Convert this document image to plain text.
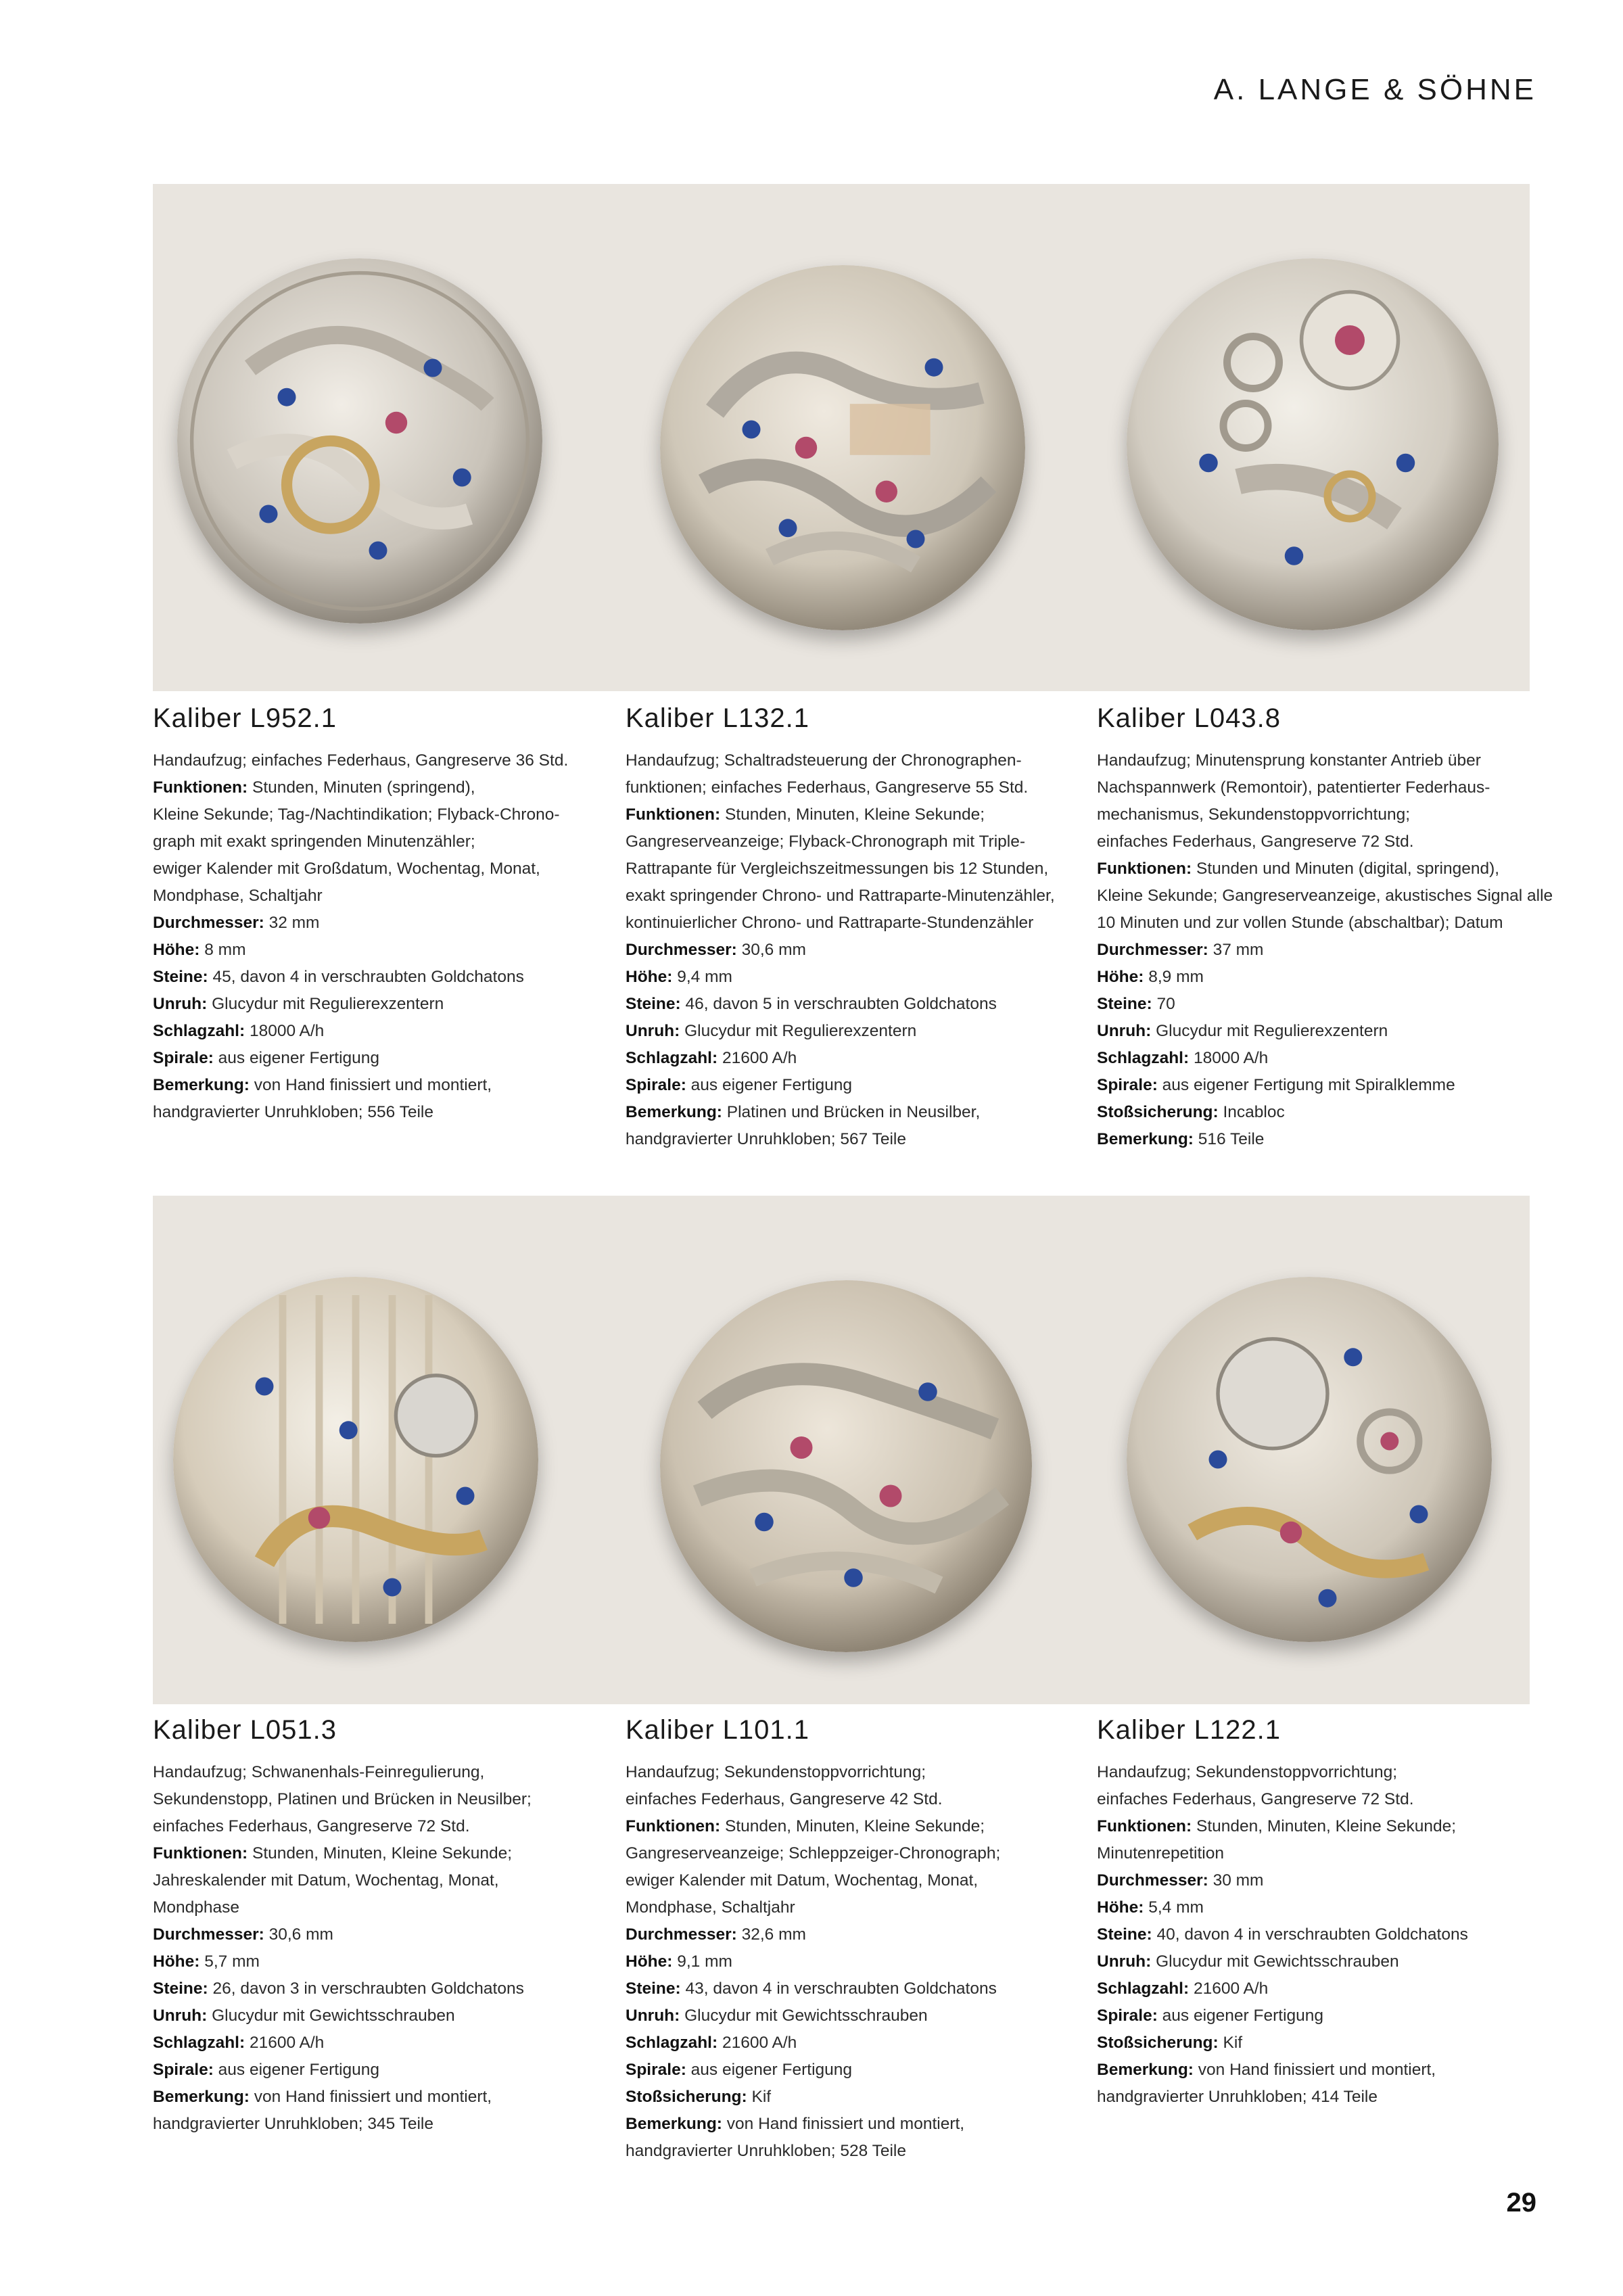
A. LANGE & SÖHNE
Kaliber L952.1
Handaufzug; einfaches Federhaus, Gangreserve 36 Std.
Funktionen: Stunden, Minuten (springend),
Kleine Sekunde; Tag-/Nachtindikation; Flyback-Chrono-
graph mit exakt springenden Minutenzähler;
ewiger Kalender mit Großdatum, Wochentag, Monat,
Mondphase, Schaltjahr
Durchmesser: 32 mm
Höhe: 8 mm
Steine: 45, davon 4 in verschraubten Goldchatons
Unruh: Glucydur mit Regulierexzentern
Schlagzahl: 18000 A/h
Spirale: aus eigener Fertigung
Bemerkung: von Hand finissiert und montiert,
handgravierter Unruhkloben; 556 Teile
Kaliber L132.1
Handaufzug; Schaltradsteuerung der Chronographen-
funktionen; einfaches Federhaus, Gangreserve 55 Std.
Funktionen: Stunden, Minuten, Kleine Sekunde;
Gangreserveanzeige; Flyback-Chronograph mit Triple-
Rattrapante für Vergleichszeitmessungen bis 12 Stunden,
exakt springender Chrono- und Rattraparte-Minutenzähler,
kontinuierlicher Chrono- und Rattraparte-Stundenzähler
Durchmesser: 30,6 mm
Höhe: 9,4 mm
Steine: 46, davon 5 in verschraubten Goldchatons
Unruh: Glucydur mit Regulierexzentern
Schlagzahl: 21600 A/h
Spirale: aus eigener Fertigung
Bemerkung: Platinen und Brücken in Neusilber,
handgravierter Unruhkloben; 567 Teile
Kaliber L043.8
Handaufzug; Minutensprung konstanter Antrieb über
Nachspannwerk (Remontoir), patentierter Federhaus-
mechanismus, Sekundenstoppvorrichtung;
einfaches Federhaus, Gangreserve 72 Std.
Funktionen: Stunden und Minuten (digital, springend),
Kleine Sekunde; Gangreserveanzeige, akustisches Signal alle
10 Minuten und zur vollen Stunde (abschaltbar); Datum
Durchmesser: 37 mm
Höhe: 8,9 mm
Steine: 70
Unruh: Glucydur mit Regulierexzentern
Schlagzahl: 18000 A/h
Spirale: aus eigener Fertigung mit Spiralklemme
Stoßsicherung: Incabloc
Bemerkung: 516 Teile
Kaliber L051.3
Handaufzug; Schwanenhals-Feinregulierung,
Sekundenstopp, Platinen und Brücken in Neusilber;
einfaches Federhaus, Gangreserve 72 Std.
Funktionen: Stunden, Minuten, Kleine Sekunde;
Jahreskalender mit Datum, Wochentag, Monat,
Mondphase
Durchmesser: 30,6 mm
Höhe: 5,7 mm
Steine: 26, davon 3 in verschraubten Goldchatons
Unruh: Glucydur mit Gewichtsschrauben
Schlagzahl: 21600 A/h
Spirale: aus eigener Fertigung
Bemerkung: von Hand finissiert und montiert,
handgravierter Unruhkloben; 345 Teile
Kaliber L101.1
Handaufzug; Sekundenstoppvorrichtung;
einfaches Federhaus, Gangreserve 42 Std.
Funktionen: Stunden, Minuten, Kleine Sekunde;
Gangreserveanzeige; Schleppzeiger-Chronograph;
ewiger Kalender mit Datum, Wochentag, Monat,
Mondphase, Schaltjahr
Durchmesser: 32,6 mm
Höhe: 9,1 mm
Steine: 43, davon 4 in verschraubten Goldchatons
Unruh: Glucydur mit Gewichtsschrauben
Schlagzahl: 21600 A/h
Spirale: aus eigener Fertigung
Stoßsicherung: Kif
Bemerkung: von Hand finissiert und montiert,
handgravierter Unruhkloben; 528 Teile
Kaliber L122.1
Handaufzug; Sekundenstoppvorrichtung;
einfaches Federhaus, Gangreserve 72 Std.
Funktionen: Stunden, Minuten, Kleine Sekunde;
Minutenrepetition
Durchmesser: 30 mm
Höhe: 5,4 mm
Steine: 40, davon 4 in verschraubten Goldchatons
Unruh: Glucydur mit Gewichtsschrauben
Schlagzahl: 21600 A/h
Spirale: aus eigener Fertigung
Stoßsicherung: Kif
Bemerkung: von Hand finissiert und montiert,
handgravierter Unruhkloben; 414 Teile
29
